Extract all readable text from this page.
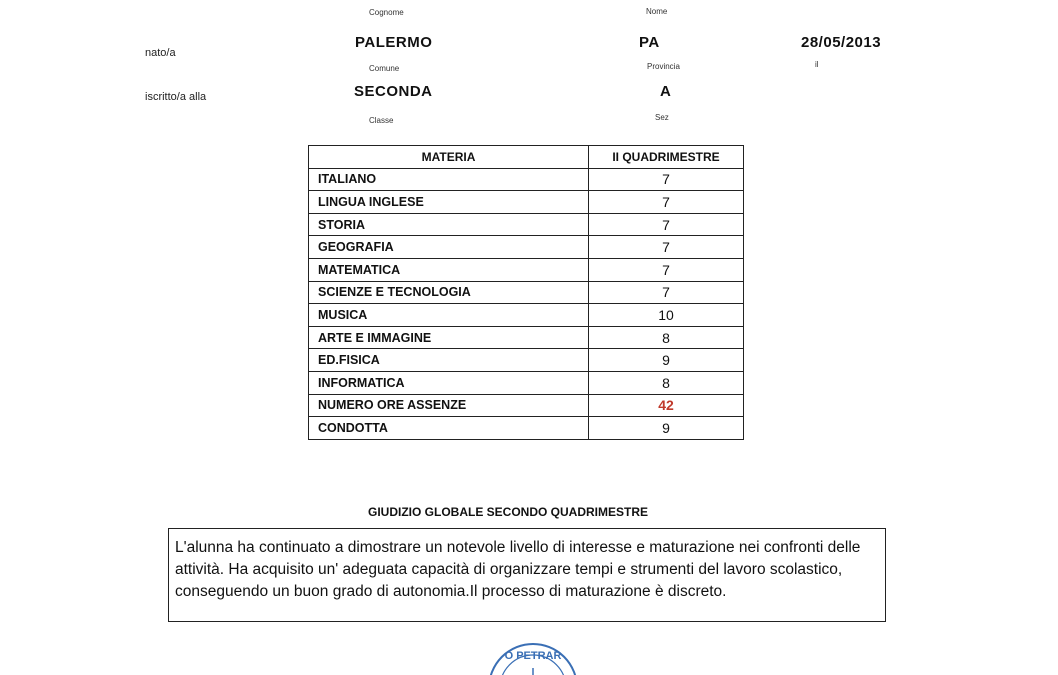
Cognome	Nome
nato/a
PALERMO	PA	28/05/2013
Comune	Provincia	il
iscritto/a alla	SECONDA	A
Classe	Sez
MATERIA	II QUADRIMESTRE
ITALIANO	7
LINGUA INGLESE	7
STORIA	7
GEOGRAFIA	7
MATEMATICA	7
SCIENZE E TECNOLOGIA	7
MUSICA	10
ARTE E IMMAGINE	8
ED.FISICA	9
INFORMATICA	8
NUMERO ORE ASSENZE	42
CONDOTTA	9
GIUDIZIO GLOBALE SECONDO QUADRIMESTRE
L'alunna ha continuato a dimostrare un notevole livello di interesse e maturazione nei confronti delle attività. Ha acquisito un' adeguata capacità di organizzare tempi e strumenti del lavoro scolastico, conseguendo un buon grado di autonomia.Il processo di maturazione è discreto.
O PETRAR
